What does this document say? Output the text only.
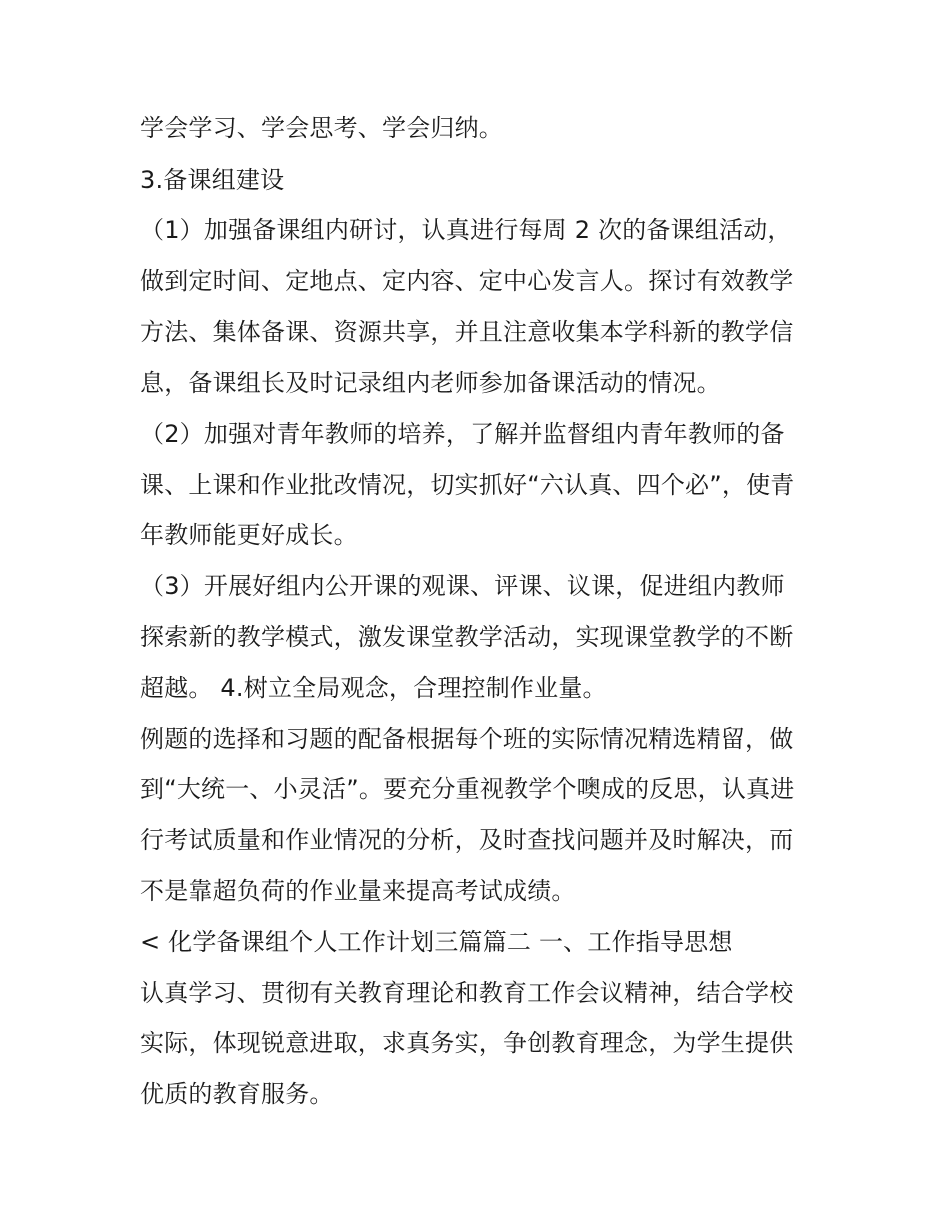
学会学习、学会思考、学会归纳。
3.备课组建设
（1）加强备课组内研讨，认真进行每周 2 次的备课组活动，
做到定时间、定地点、定内容、定中心发言人。探讨有效教学
方法、集体备课、资源共享，并且注意收集本学科新的教学信
息，备课组长及时记录组内老师参加备课活动的情况。
（2）加强对青年教师的培养，了解并监督组内青年教师的备
课、上课和作业批改情况，切实抓好“六认真、四个必”，使青
年教师能更好成长。
（3）开展好组内公开课的观课、评课、议课，促进组内教师
探索新的教学模式，激发课堂教学活动，实现课堂教学的不断
超越。 4.树立全局观念，合理控制作业量。
例题的选择和习题的配备根据每个班的实际情况精选精留，做
到“大统一、小灵活”。要充分重视教学个噢成的反思，认真进
行考试质量和作业情况的分析，及时查找问题并及时解决，而
不是靠超负荷的作业量来提高考试成绩。
< 化学备课组个人工作计划三篇篇二 一、工作指导思想
认真学习、贯彻有关教育理论和教育工作会议精神，结合学校
实际，体现锐意进取，求真务实，争创教育理念，为学生提供
优质的教育服务。
